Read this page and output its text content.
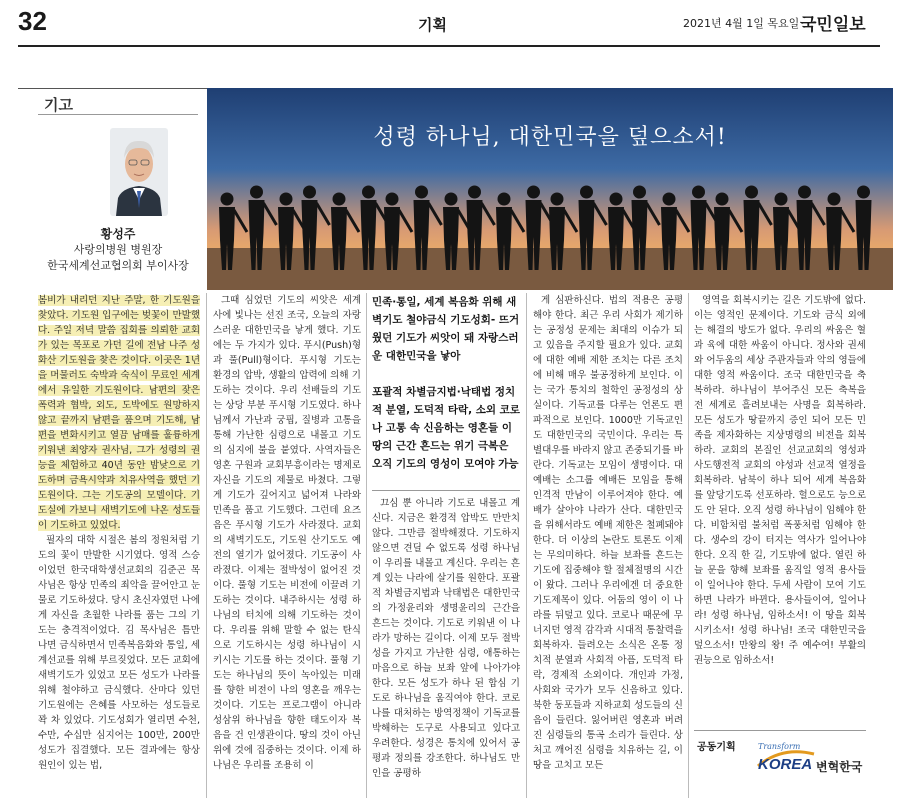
32	기획	2021년 4월 1일 목요일 국민일보
기고
황성주
사랑의병원 병원장
한국세계선교협의회 부이사장
성령 하나님, 대한민국을 덮으소서!
봄비가 내리던 지난 주말, 한 기도원을 찾았다. 기도원 입구에는 벚꽃이 만발했다. 주일 저녁 말씀 집회를 의뢰한 교회가 있는 목포로 가던 길에 전남 나주 성화산 기도원을 찾은 것이다. 이곳은 1년을 머물러도 숙박과 숙식이 무료인 세계에서 유일한 기도원이다. 남편의 잦은 폭력과 협박, 외도, 도박에도 원망하지 않고 끝까지 남편을 품으며 기도해, 남편을 변화시키고 열끔 남매를 훌륭하게 키워낸 최양자 권사님, 그가 성령의 권능을 체험하고 40년 동안 밤낮으로 기도하며 금욕시약과 치유사역을 했던 기도원이다. 그는 기도공의 모델이다. 기도실에 가보니 새벽기도에 나온 성도들이 기도하고 있었다.
필자의 대학 시절은 봄의 정원처럼 기도의 꽃이 만발한 시기였다. 영적 스승이었던 한국대학생선교회의 김준곤 목사님은 항상 민족의 죄악을 끌어안고 눈물로 기도하셨다. 당시 초신자였던 나에게 자신을 초월한 나라를 품는 그의 기도는 충격적이었다. 김 목사님은 틈만 나면 금식하면서 민족복음화와 통일, 세계선교를 위해 부르짖었다. 모든 교회에 새벽기도가 있었고 모든 성도가 나라를 위해 철야하고 금식했다. 산마다 있던 기도원에는 은혜를 사모하는 성도들로 꽉 차 있었다. 기도성회가 열리면 수천, 수만, 수십만 심지어는 100만, 200만 성도가 집결했다. 모든 결과에는 항상 원인이 있는 법,
그때 심었던 기도의 씨앗은 세계사에 빛나는 선진 조국, 오늘의 자랑스러운 대한민국을 낳게 했다. 기도에는 두 가지가 있다. 푸시(Push)형과 풀(Pull)형이다. 푸시형 기도는 환경의 압박, 생활의 압력에 의해 기도하는 것이다. 우리 선배들의 기도는 상당 부분 푸시형 기도였다. 하나님께서 가난과 궁핍, 질병과 고통을 통해 가난한 심령으로 내몰고 기도의 심지에 불을 붙였다. 사역자들은 영혼 구원과 교회부흥이라는 명제로 자신을 기도의 제물로 바쳤다. 그렇게 기도가 깊어지고 넓어져 나라와 민족을 품고 기도했다. 그런데 요즈음은 푸시형 기도가 사라졌다. 교회의 새벽기도도, 기도원 산기도도 예전의 열기가 없어졌다. 기도공이 사라졌다. 이제는 절박성이 없어진 것이다. 풀형 기도는 비전에 이끌려 기도하는 것이다. 내주하시는 성령 하나님의 터치에 의해 기도하는 것이다. 우리를 위해 말할 수 없는 탄식으로 기도하시는 성령 하나님이 시키시는 기도를 하는 것이다. 풀형 기도는 하나님의 뜻이 녹아있는 미래를 향한 비전이 나의 영혼을 깨우는 것이다. 기도는 프로그램이 아니라 성삼위 하나님을 향한 태도이자 복음을 건 인생관이다. 땅의 것이 아닌 위에 것에 집중하는 것이다. 이제 하나님은 우리를 조용히 이
민족·통일, 세계 복음화 위해 새벽기도 철야금식 기도성회- 뜨거웠던 기도가 씨앗이 돼 자랑스러운 대한민국을 낳아
포괄적 차별금지법·낙태법 정치적 분열, 도덕적 타락, 소외 코로나 고통 속 신음하는 영혼들 이 땅의 근간 흔드는 위기 극복은 오직 기도의 영성이 모여야 가능
끄심 뿐 아니라 기도로 내몰고 계신다. 지금은 환경적 압박도 만만치 않다. 그만큼 절박해졌다. 기도하지 않으면 견딜 수 없도록 성령 하나님이 우리를 내몰고 계신다. 우리는 흔계 있는 나라에 살기를 원한다. 포괄적 차별금지법과 낙태법은 대한민국의 가정윤리와 생명윤리의 근간을 흔드는 것이다. 기도로 키워낸 이 나라가 망하는 길이다. 이제 모두 절박성을 가지고 가난한 심령, 애통하는 마음으로 하늘 보좌 앞에 나아가야 한다. 모든 성도가 하나 된 합심 기도로 하나님을 움직여야 한다. 코로나를 대처하는 방역정책이 기독교를 박해하는 도구로 사용되고 있다고 우려한다. 성경은 통치에 있어서 공평과 정의를 강조한다. 하나님도 만인을 공평하
게 심판하신다. 법의 적용은 공평해야 한다. 최근 우리 사회가 제기하는 공정성 문제는 최대의 이슈가 되고 있음을 주지할 필요가 있다. 교회에 대한 예배 제한 조치는 다른 조치에 비해 매우 불공정하게 보인다. 이는 국가 통치의 철학인 공정성의 상실이다. 기독교를 다루는 언론도 편파적으로 보인다. 1000만 기독교인도 대한민국의 국민이다. 우리는 특별대우를 바라지 않고 존중되기를 바란다. 기독교는 모임이 생명이다. 대예배는 소그룹 예배든 모임을 통해 인격적 만남이 이루어져야 한다. 예배가 살아야 나라가 산다. 대한민국을 위해서라도 예배 제한은 철폐돼야 한다. 더 이상의 논란도 토론도 이제는 무의미하다. 하늘 보좌를 흔드는 기도에 집중해야 할 절체절명의 시간이 왔다. 그러나 우리에겐 더 중요한 기도제목이 있다. 어둠의 영이 이 나라를 뒤덮고 있다. 코로나 때문에 무너지던 영적 감각과 시대적 통찰력을 회복하자. 들려오는 소식은 온통 정치적 분열과 사회적 아픔, 도덕적 타락, 경제적 소외이다. 개인과 가정, 사회와 국가가 모두 신음하고 있다. 북한 동포들과 지하교회 성도들의 신음이 들린다. 잃어버린 영혼과 버려진 심령들의 통곡 소리가 들린다. 상처고 깨어진 심령을 치유하는 길, 이 땅을 고치고 모든
영역을 회복시키는 길은 기도밖에 없다. 이는 영적인 문제이다. 기도와 금식 외에는 해결의 방도가 없다. 우리의 싸움은 혈과 육에 대한 싸움이 아니다. 정사와 권세와 어두움의 세상 주관자들과 악의 영들에 대한 영적 싸움이다. 조국 대한민국을 축복하라. 하나님이 부어주신 모든 축복을 전 세계로 흘려보내는 사명을 회복하라. 모든 성도가 땅끝까지 증인 되어 모든 민족을 제자화하는 지상명령의 비전을 회복하라. 교회의 본질인 선교교회의 영성과 사도행전적 교회의 야성과 선교적 열정을 회복하라. 남북이 하나 되어 세계 복음화를 앞당기도록 선포하라. 헐으로도 능으로도 안 된다. 오직 성령 하나님이 임해야 한다. 비함처럼 불처럼 폭풍처럼 임해야 한다. 생수의 강이 터지는 역사가 일어나야 한다. 오직 한 길, 기도밖에 없다. 열린 하늘 문을 향해 보좌를 움직일 영적 용사들이 일어나야 한다. 두세 사람이 모여 기도하면 나라가 바뀐다. 용사들이여, 일어나라! 성령 하나님, 임하소서! 이 땅을 회복시키소서! 성령 하나님! 조국 대한민국을 덮으소서! 만왕의 왕! 주 예수여! 부활의 권능으로 임하소서!
공동기획	Transform
KOREA 변혁한국
